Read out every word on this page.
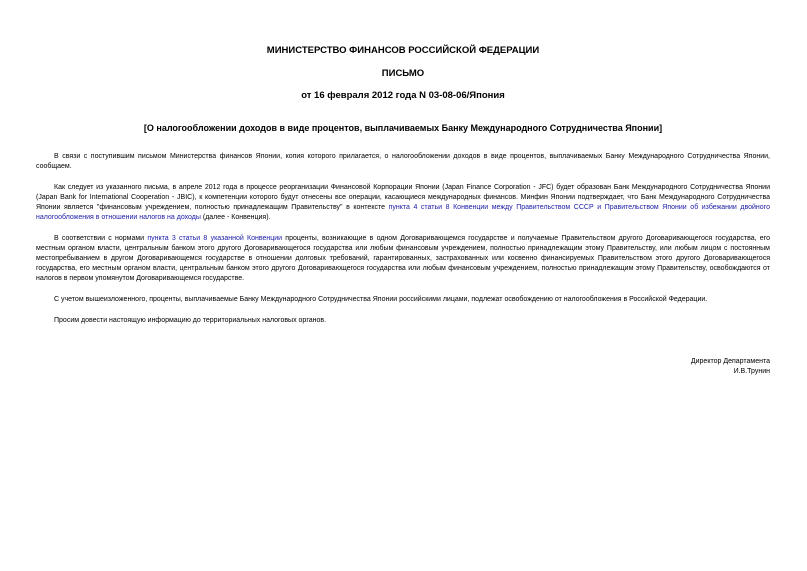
МИНИСТЕРСТВО ФИНАНСОВ РОССИЙСКОЙ ФЕДЕРАЦИИ
ПИСЬМО
от 16 февраля 2012 года N 03-08-06/Япония
[О налогообложении доходов в виде процентов, выплачиваемых Банку Международного Сотрудничества Японии]

В связи с поступившим письмом Министерства финансов Японии, копия которого прилагается, о налогообложении доходов в виде процентов, выплачиваемых Банку Международного Сотрудничества Японии, сообщаем.

Как следует из указанного письма, в апреле 2012 года в процессе реорганизации Финансовой Корпорации Японии (Japan Finance Corporation - JFC) будет образован Банк Международного Сотрудничества Японии (Japan Bank for International Cooperation - JBIC), к компетенции которого будут отнесены все операции, касающиеся международных финансов. Минфин Японии подтверждает, что Банк Международного Сотрудничества Японии является "финансовым учреждением, полностью принадлежащим Правительству" в контексте пункта 4 статьи 8 Конвенции между Правительством СССР и Правительством Японии об избежании двойного налогообложения в отношении налогов на доходы (далее - Конвенция).

В соответствии с нормами пункта 3 статьи 8 указанной Конвенции проценты, возникающие в одном Договаривающемся государстве и получаемые Правительством другого Договаривающегося государства, его местным органом власти, центральным банком этого другого Договаривающегося государства или любым финансовым учреждением, полностью принадлежащим этому Правительству, или любым лицом с постоянным местопребыванием в другом Договаривающемся государстве в отношении долговых требований, гарантированных, застрахованных или косвенно финансируемых Правительством этого другого Договаривающегося государства, его местным органом власти, центральным банком этого другого Договаривающегося государства или любым финансовым учреждением, полностью принадлежащим этому Правительству, освобождаются от налогов в первом упомянутом Договаривающемся государстве.

С учетом вышеизложенного, проценты, выплачиваемые Банку Международного Сотрудничества Японии российскими лицами, подлежат освобождению от налогообложения в Российской Федерации.

Просим довести настоящую информацию до территориальных налоговых органов.

Директор Департамента
И.В.Трунин
